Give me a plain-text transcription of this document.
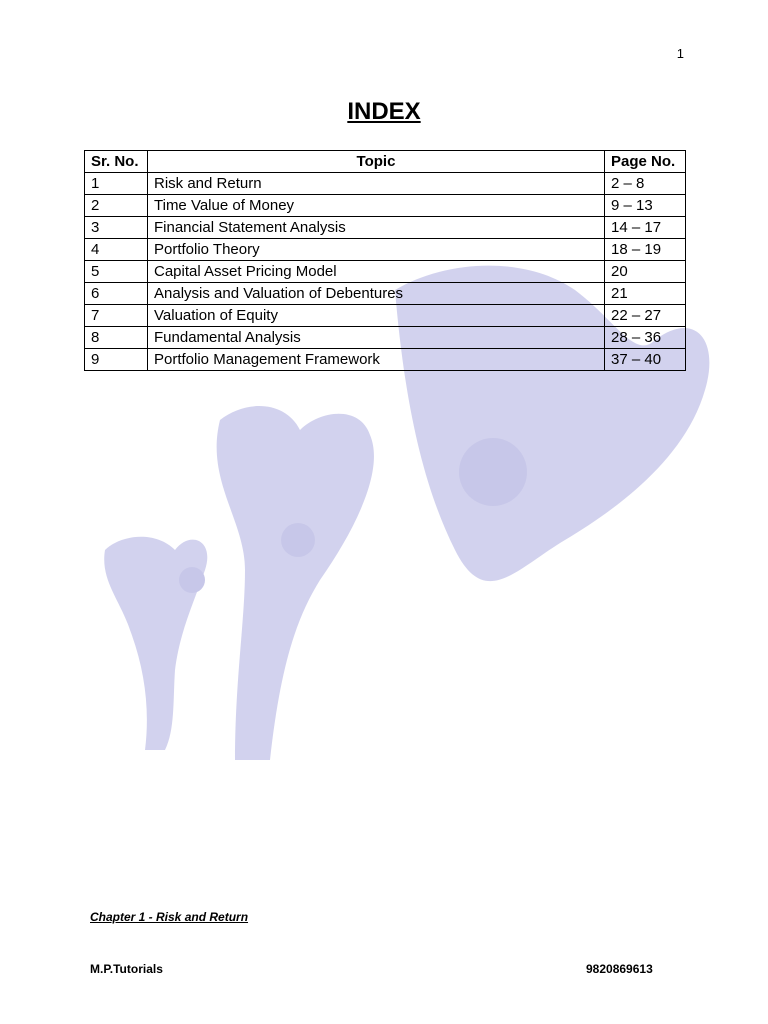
1
INDEX
Sr. No.	Topic	Page No.
1	Risk and Return	2 – 8
2	Time Value of Money	9 – 13
3	Financial Statement Analysis	14 – 17
4	Portfolio Theory	18 – 19
5	Capital Asset Pricing Model	20
6	Analysis and Valuation of Debentures	21
7	Valuation of Equity	22 – 27
8	Fundamental Analysis	28 – 36
9	Portfolio Management Framework	37 – 40
Chapter 1 - Risk and Return
M.P.Tutorials	9820869613
